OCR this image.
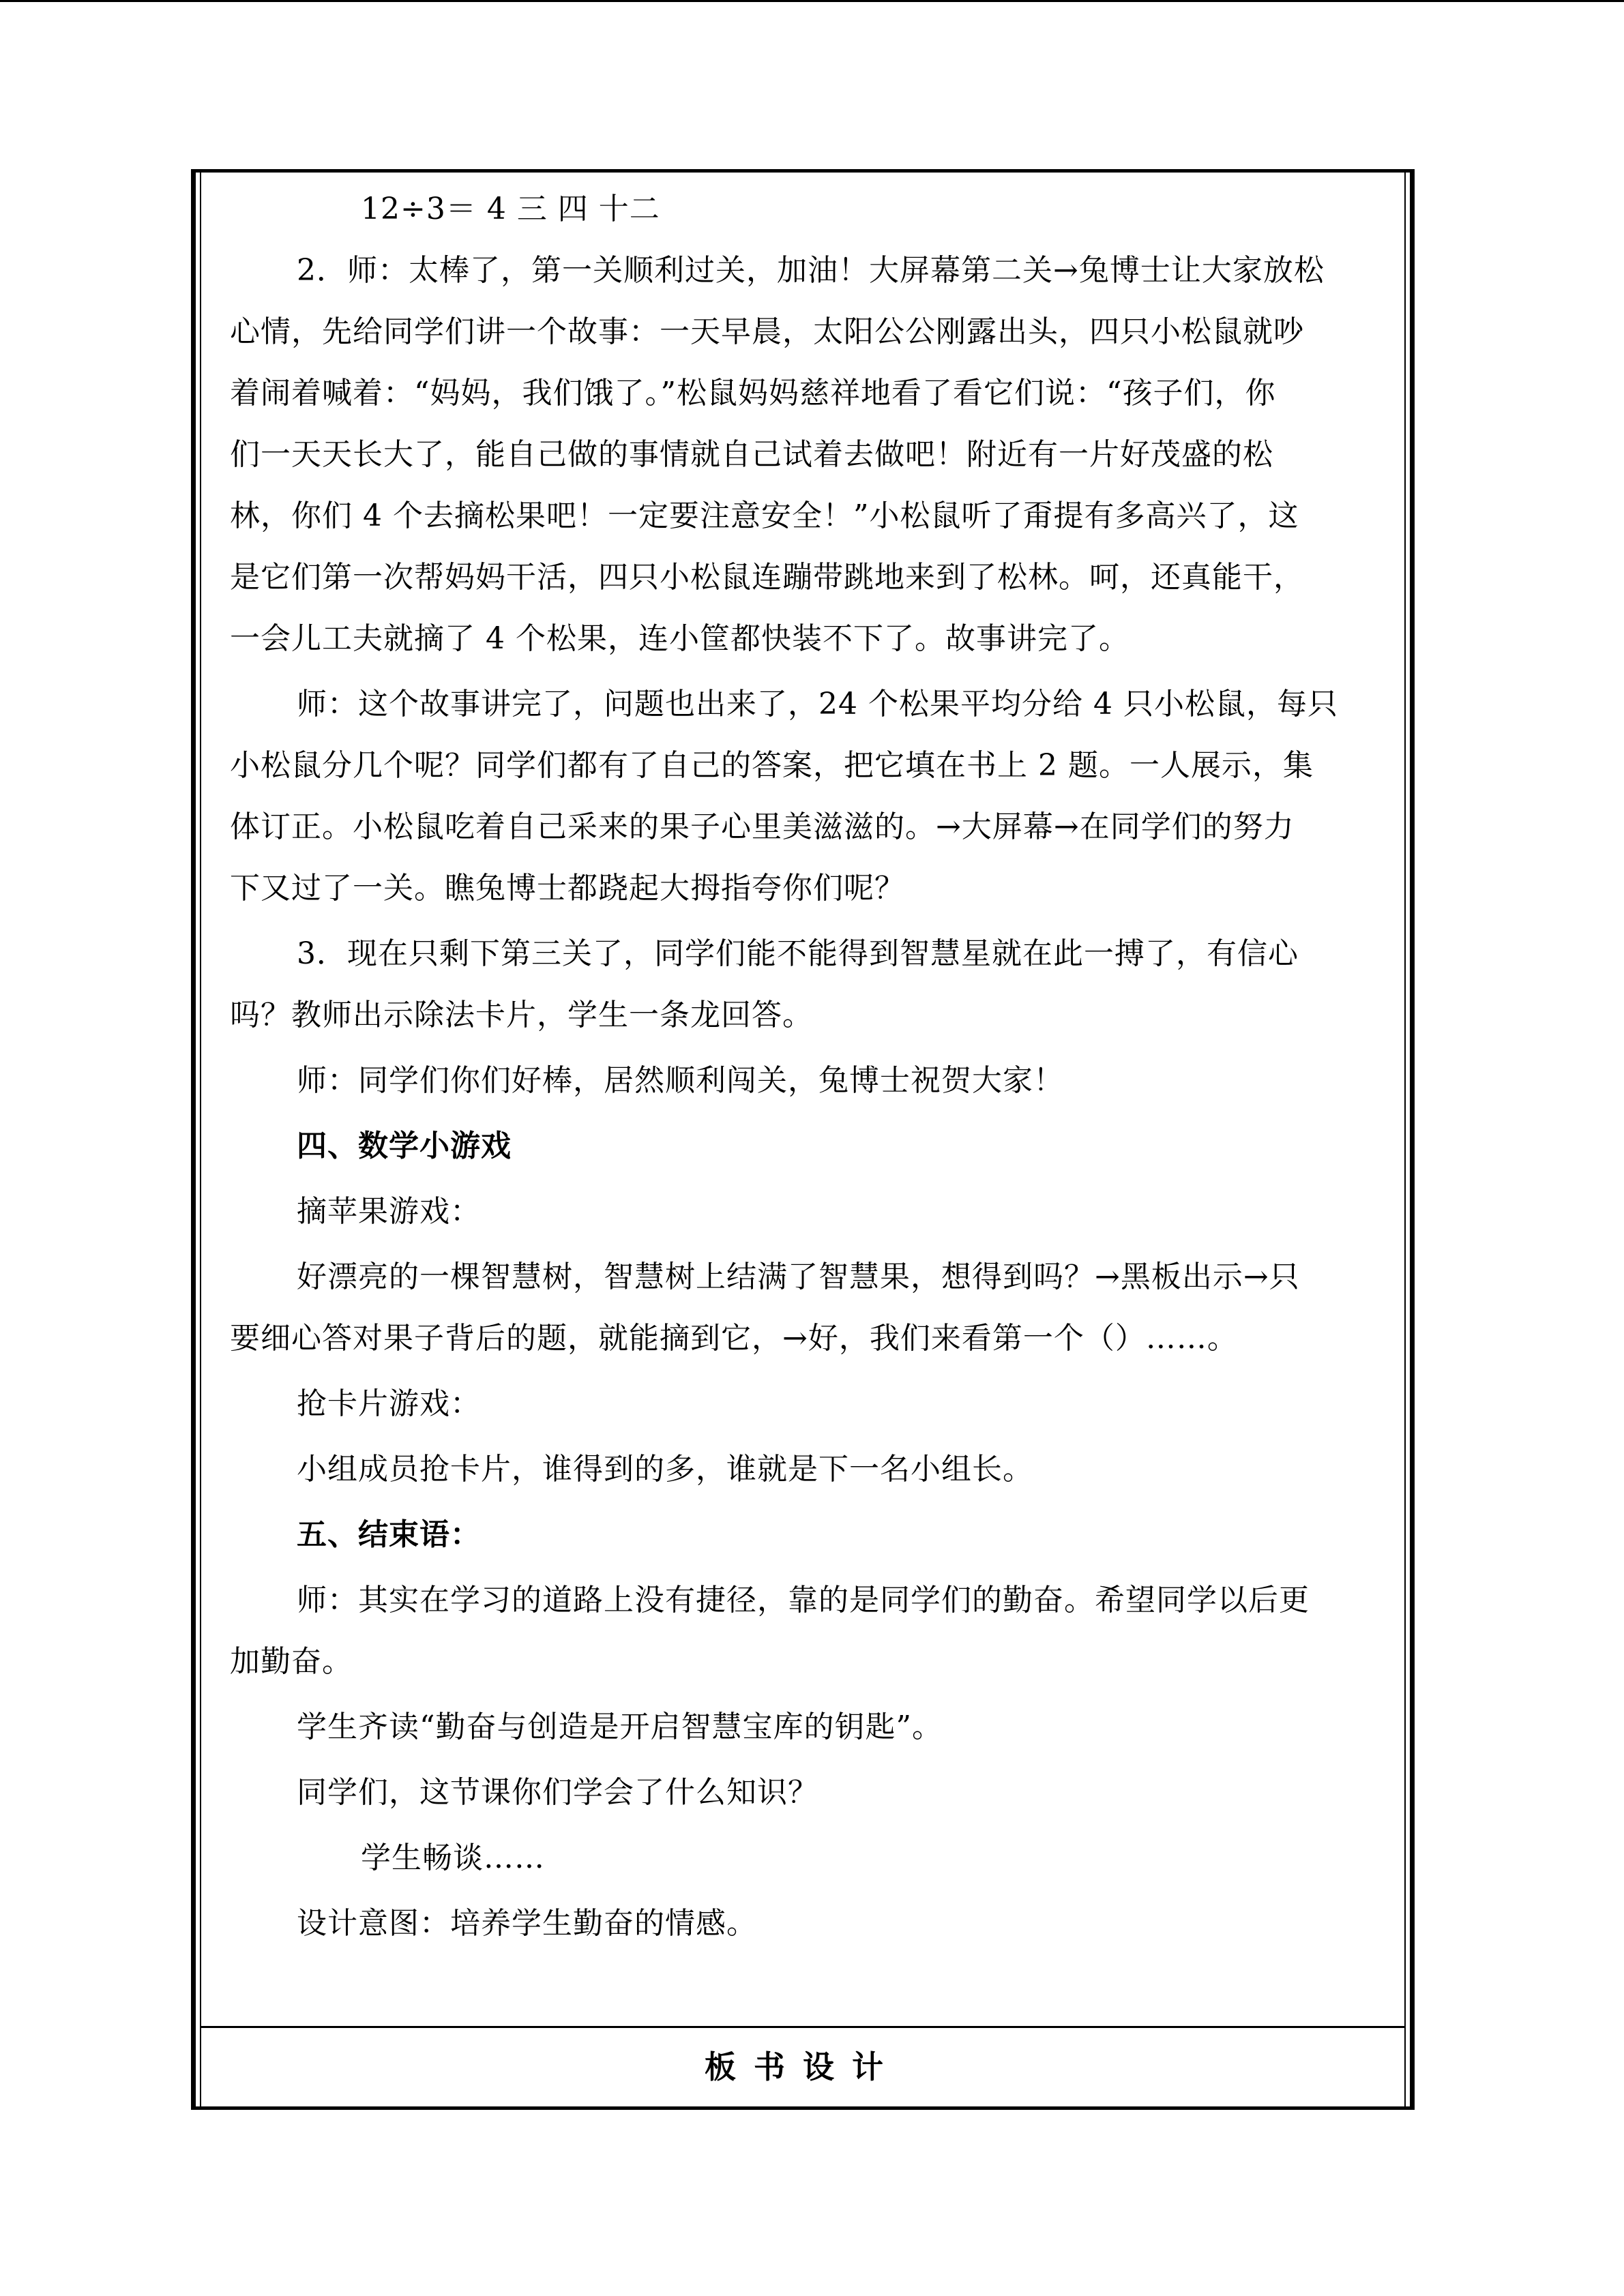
12÷3＝ 4 三 四 十二
2．师：太棒了，第一关顺利过关，加油！大屏幕第二关→兔博士让大家放松
心情，先给同学们讲一个故事：一天早晨，太阳公公刚露出头，四只小松鼠就吵
着闹着喊着：“妈妈，我们饿了。”松鼠妈妈慈祥地看了看它们说：“孩子们，你
们一天天长大了，能自己做的事情就自己试着去做吧！附近有一片好茂盛的松
林，你们 4 个去摘松果吧！一定要注意安全！”小松鼠听了甭提有多高兴了，这
是它们第一次帮妈妈干活，四只小松鼠连蹦带跳地来到了松林。呵，还真能干，
一会儿工夫就摘了 4 个松果，连小筐都快装不下了。故事讲完了。
师：这个故事讲完了，问题也出来了，24 个松果平均分给 4 只小松鼠，每只
小松鼠分几个呢？同学们都有了自己的答案，把它填在书上 2 题。一人展示，集
体订正。小松鼠吃着自己采来的果子心里美滋滋的。→大屏幕→在同学们的努力
下又过了一关。瞧兔博士都跷起大拇指夸你们呢？
3．现在只剩下第三关了，同学们能不能得到智慧星就在此一搏了，有信心
吗？教师出示除法卡片，学生一条龙回答。
师：同学们你们好棒，居然顺利闯关，兔博士祝贺大家！
四、数学小游戏
摘苹果游戏：
好漂亮的一棵智慧树，智慧树上结满了智慧果，想得到吗？→黑板出示→只
要细心答对果子背后的题，就能摘到它，→好，我们来看第一个（）……。
抢卡片游戏：
小组成员抢卡片，谁得到的多，谁就是下一名小组长。
五、结束语：
师：其实在学习的道路上没有捷径，靠的是同学们的勤奋。希望同学以后更
加勤奋。
学生齐读“勤奋与创造是开启智慧宝库的钥匙”。
同学们，这节课你们学会了什么知识？
学生畅谈……
设计意图：培养学生勤奋的情感。
板书设计
